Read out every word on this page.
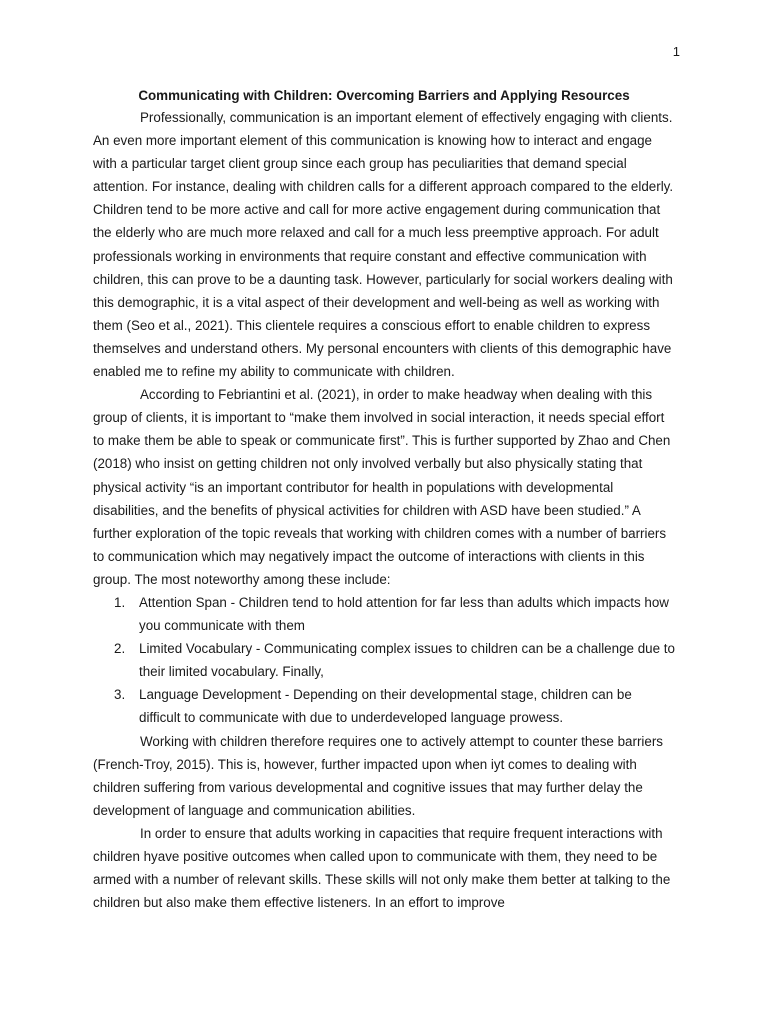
1
Communicating with Children: Overcoming Barriers and Applying Resources

Professionally, communication is an important element of effectively engaging with clients. An even more important element of this communication is knowing how to interact and engage with a particular target client group since each group has peculiarities that demand special attention. For instance, dealing with children calls for a different approach compared to the elderly. Children tend to be more active and call for more active engagement during communication that the elderly who are much more relaxed and call for a much less preemptive approach. For adult professionals working in environments that require constant and effective communication with children, this can prove to be a daunting task. However, particularly for social workers dealing with this demographic, it is a vital aspect of their development and well-being as well as working with them (Seo et al., 2021). This clientele requires a conscious effort to enable children to express themselves and understand others. My personal encounters with clients of this demographic have enabled me to refine my ability to communicate with children.

According to Febriantini et al. (2021), in order to make headway when dealing with this group of clients, it is important to “make them involved in social interaction, it needs special effort to make them be able to speak or communicate first”. This is further supported by Zhao and Chen (2018) who insist on getting children not only involved verbally but also physically stating that physical activity “is an important contributor for health in populations with developmental disabilities, and the benefits of physical activities for children with ASD have been studied.” A further exploration of the topic reveals that working with children comes with a number of barriers to communication which may negatively impact the outcome of interactions with clients in this group. The most noteworthy among these include:

1. Attention Span - Children tend to hold attention for far less than adults which impacts how you communicate with them
2. Limited Vocabulary - Communicating complex issues to children can be a challenge due to their limited vocabulary. Finally,
3. Language Development - Depending on their developmental stage, children can be difficult to communicate with due to underdeveloped language prowess.

Working with children therefore requires one to actively attempt to counter these barriers (French-Troy, 2015). This is, however, further impacted upon when iyt comes to dealing with children suffering from various developmental and cognitive issues that may further delay the development of language and communication abilities.

In order to ensure that adults working in capacities that require frequent interactions with children hyave positive outcomes when called upon to communicate with them, they need to be armed with a number of relevant skills. These skills will not only make them better at talking to the children but also make them effective listeners. In an effort to improve
